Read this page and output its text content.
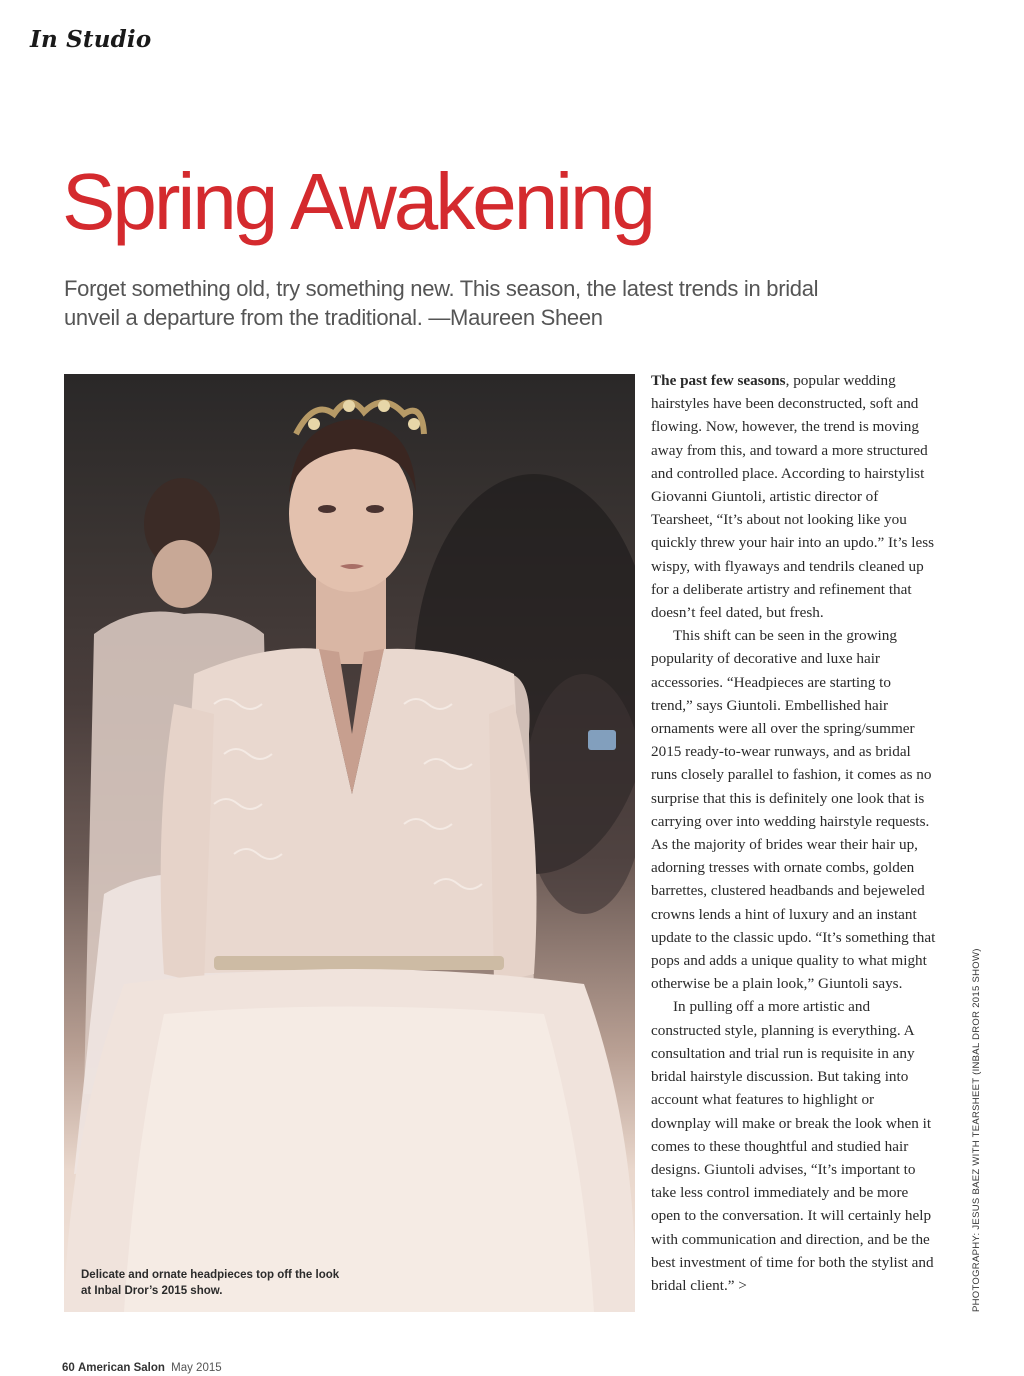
In Studio
Spring Awakening

Forget something old, try something new. This season, the latest trends in bridal unveil a departure from the traditional. —Maureen Sheen

Delicate and ornate headpieces top off the look at Inbal Dror’s 2015 show.

The past few seasons, popular wedding hairstyles have been deconstructed, soft and flowing. Now, however, the trend is moving away from this, and toward a more structured and controlled place. According to hairstylist Giovanni Giuntoli, artistic director of Tearsheet, “It’s about not looking like you quickly threw your hair into an updo.” It’s less wispy, with flyaways and tendrils cleaned up for a deliberate artistry and refinement that doesn’t feel dated, but fresh.

This shift can be seen in the growing popularity of decorative and luxe hair accessories. “Headpieces are starting to trend,” says Giuntoli. Embellished hair ornaments were all over the spring/summer 2015 ready-to-wear runways, and as bridal runs closely parallel to fashion, it comes as no surprise that this is definitely one look that is carrying over into wedding hairstyle requests. As the majority of brides wear their hair up, adorning tresses with ornate combs, golden barrettes, clustered headbands and bejeweled crowns lends a hint of luxury and an instant update to the classic updo. “It’s something that pops and adds a unique quality to what might otherwise be a plain look,” Giuntoli says.

In pulling off a more artistic and constructed style, planning is everything. A consultation and trial run is requisite in any bridal hairstyle discussion. But taking into account what features to highlight or downplay will make or break the look when it comes to these thoughtful and studied hair designs. Giuntoli advises, “It’s important to take less control immediately and be more open to the conversation. It will certainly help with communication and direction, and be the best investment of time for both the stylist and bridal client.” >	PHOTOGRAPHY: JESUS BAEZ WITH TEARSHEET (INBAL DROR 2015 SHOW)
60 American Salon May 2015
